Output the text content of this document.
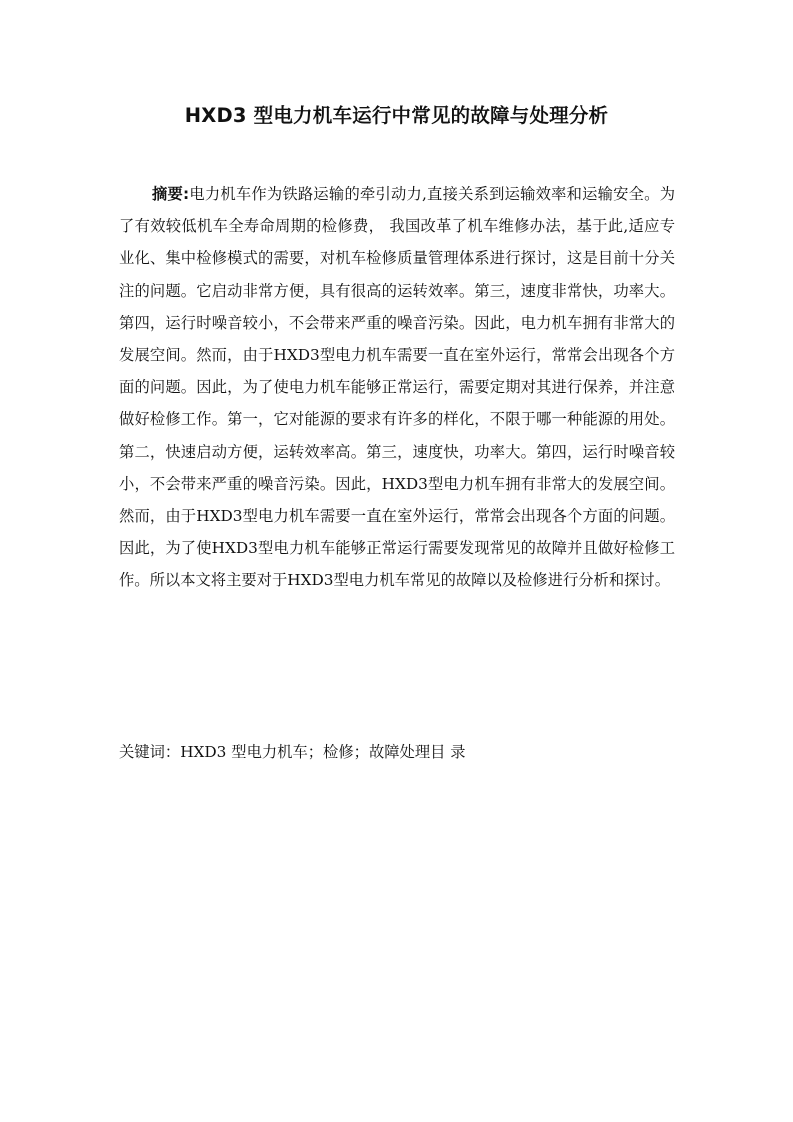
HXD3 型电力机车运行中常见的故障与处理分析

摘要:电力机车作为铁路运输的牵引动力,直接关系到运输效率和运输安全。为了有效较低机车全寿命周期的检修费， 我国改革了机车维修办法，基于此,适应专业化、集中检修模式的需要，对机车检修质量管理体系进行探讨，这是目前十分关注的问题。它启动非常方便，具有很高的运转效率。第三，速度非常快，功率大。第四，运行时噪音较小，不会带来严重的噪音污染。因此，电力机车拥有非常大的发展空间。然而，由于HXD3型电力机车需要一直在室外运行，常常会出现各个方面的问题。因此，为了使电力机车能够正常运行，需要定期对其进行保养，并注意做好检修工作。第一，它对能源的要求有许多的样化，不限于哪一种能源的用处。第二，快速启动方便，运转效率高。第三，速度快，功率大。第四，运行时噪音较小，不会带来严重的噪音污染。因此，HXD3型电力机车拥有非常大的发展空间。然而，由于HXD3型电力机车需要一直在室外运行，常常会出现各个方面的问题。因此，为了使HXD3型电力机车能够正常运行需要发现常见的故障并且做好检修工作。所以本文将主要对于HXD3型电力机车常见的故障以及检修进行分析和探讨。

关键词：HXD3 型电力机车；检修；故障处理目 录
